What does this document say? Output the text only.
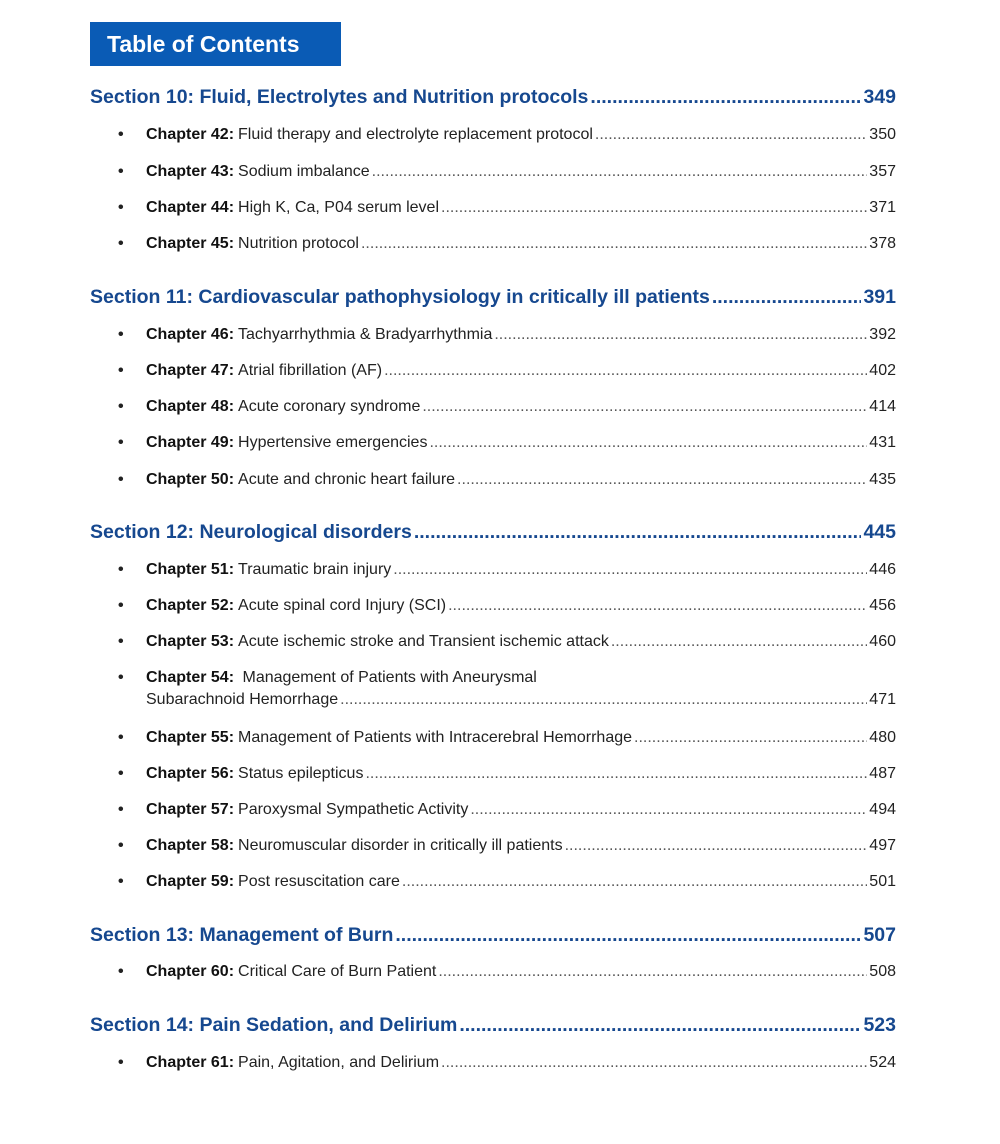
Table of Contents
Section 10: Fluid, Electrolytes and Nutrition protocols .....	349
• Chapter 42: Fluid therapy and electrolyte replacement protocol .....	350
• Chapter 43: Sodium imbalance .....	357
• Chapter 44: High K, Ca, P04 serum level .....	371
• Chapter 45: Nutrition protocol .....	378
Section 11: Cardiovascular pathophysiology in critically ill patients .....	391
• Chapter 46: Tachyarrhythmia & Bradyarrhythmia .....	392
• Chapter 47: Atrial fibrillation (AF) .....	402
• Chapter 48: Acute coronary syndrome .....	414
• Chapter 49: Hypertensive emergencies .....	431
• Chapter 50: Acute and chronic heart failure .....	435
Section 12: Neurological disorders .....	445
• Chapter 51: Traumatic brain injury .....	446
• Chapter 52: Acute spinal cord Injury (SCI) .....	456
• Chapter 53: Acute ischemic stroke and Transient ischemic attack .....	460
• Chapter 54: Management of Patients with Aneurysmal
Subarachnoid Hemorrhage .....	471
• Chapter 55: Management of Patients with Intracerebral Hemorrhage .....	480
• Chapter 56: Status epilepticus .....	487
• Chapter 57: Paroxysmal Sympathetic Activity .....	494
• Chapter 58: Neuromuscular disorder in critically ill patients .....	497
• Chapter 59: Post resuscitation care .....	501
Section 13: Management of Burn .....	507
• Chapter 60: Critical Care of Burn Patient .....	508
Section 14: Pain Sedation, and Delirium .....	523
• Chapter 61: Pain, Agitation, and Delirium .....	524
